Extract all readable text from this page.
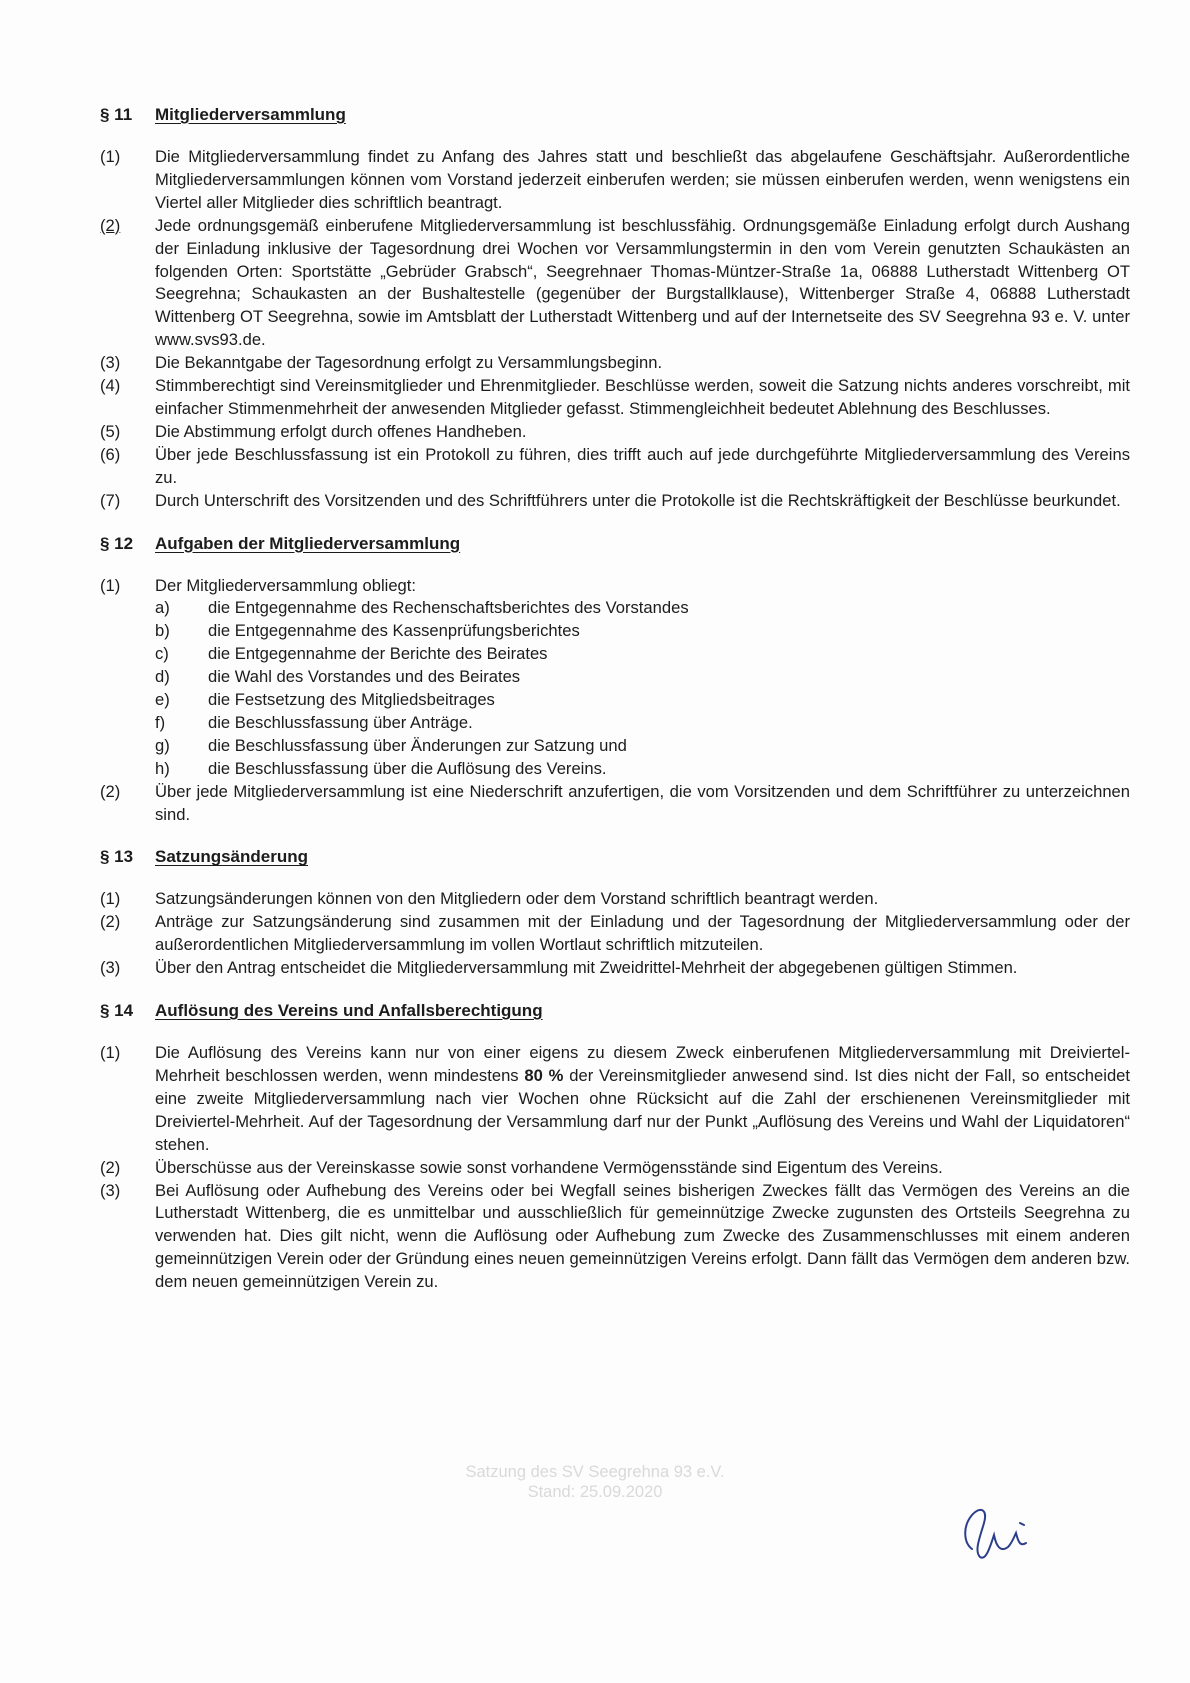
§ 11	Mitgliederversammlung
(1)	Die Mitgliederversammlung findet zu Anfang des Jahres statt und beschließt das abgelaufene Geschäftsjahr. Außerordentliche Mitgliederversammlungen können vom Vorstand jederzeit einberufen werden; sie müssen einberufen werden, wenn wenigstens ein Viertel aller Mitglieder dies schriftlich beantragt.
(2)	Jede ordnungsgemäß einberufene Mitgliederversammlung ist beschlussfähig. Ordnungsgemäße Einladung erfolgt durch Aushang der Einladung inklusive der Tagesordnung drei Wochen vor Versammlungstermin in den vom Verein genutzten Schaukästen an folgenden Orten: Sportstätte „Gebrüder Grabsch“, Seegrehnaer Thomas-Müntzer-Straße 1a, 06888 Lutherstadt Wittenberg OT Seegrehna; Schaukasten an der Bushaltestelle (gegenüber der Burgstallklause), Wittenberger Straße 4, 06888 Lutherstadt Wittenberg OT Seegrehna, sowie im Amtsblatt der Lutherstadt Wittenberg und auf der Internetseite des SV Seegrehna 93 e. V. unter www.svs93.de.
(3)	Die Bekanntgabe der Tagesordnung erfolgt zu Versammlungsbeginn.
(4)	Stimmberechtigt sind Vereinsmitglieder und Ehrenmitglieder. Beschlüsse werden, soweit die Satzung nichts anderes vorschreibt, mit einfacher Stimmenmehrheit der anwesenden Mitglieder gefasst. Stimmengleichheit bedeutet Ablehnung des Beschlusses.
(5)	Die Abstimmung erfolgt durch offenes Handheben.
(6)	Über jede Beschlussfassung ist ein Protokoll zu führen, dies trifft auch auf jede durchgeführte Mitgliederversammlung des Vereins zu.
(7)	Durch Unterschrift des Vorsitzenden und des Schriftführers unter die Protokolle ist die Rechtskräftigkeit der Beschlüsse beurkundet.
§ 12	Aufgaben der Mitgliederversammlung
(1)	Der Mitgliederversammlung obliegt:
a)	die Entgegennahme des Rechenschaftsberichtes des Vorstandes
b)	die Entgegennahme des Kassenprüfungsberichtes
c)	die Entgegennahme der Berichte des Beirates
d)	die Wahl des Vorstandes und des Beirates
e)	die Festsetzung des Mitgliedsbeitrages
f)	die Beschlussfassung über Anträge.
g)	die Beschlussfassung über Änderungen zur Satzung und
h)	die Beschlussfassung über die Auflösung des Vereins.
(2)	Über jede Mitgliederversammlung ist eine Niederschrift anzufertigen, die vom Vorsitzenden und dem Schriftführer zu unterzeichnen sind.
§ 13	Satzungsänderung
(1)	Satzungsänderungen können von den Mitgliedern oder dem Vorstand schriftlich beantragt werden.
(2)	Anträge zur Satzungsänderung sind zusammen mit der Einladung und der Tagesordnung der Mitgliederversammlung oder der außerordentlichen Mitgliederversammlung im vollen Wortlaut schriftlich mitzuteilen.
(3)	Über den Antrag entscheidet die Mitgliederversammlung mit Zweidrittel-Mehrheit der abgegebenen gültigen Stimmen.
§ 14	Auflösung des Vereins und Anfallsberechtigung
(1)	Die Auflösung des Vereins kann nur von einer eigens zu diesem Zweck einberufenen Mitgliederversammlung mit Dreiviertel-Mehrheit beschlossen werden, wenn mindestens 80 % der Vereinsmitglieder anwesend sind. Ist dies nicht der Fall, so entscheidet eine zweite Mitgliederversammlung nach vier Wochen ohne Rücksicht auf die Zahl der erschienenen Vereinsmitglieder mit Dreiviertel-Mehrheit. Auf der Tagesordnung der Versammlung darf nur der Punkt „Auflösung des Vereins und Wahl der Liquidatoren“ stehen.
(2)	Überschüsse aus der Vereinskasse sowie sonst vorhandene Vermögensstände sind Eigentum des Vereins.
(3)	Bei Auflösung oder Aufhebung des Vereins oder bei Wegfall seines bisherigen Zweckes fällt das Vermögen des Vereins an die Lutherstadt Wittenberg, die es unmittelbar und ausschließlich für gemeinnützige Zwecke zugunsten des Ortsteils Seegrehna zu verwenden hat. Dies gilt nicht, wenn die Auflösung oder Aufhebung zum Zwecke des Zusammenschlusses mit einem anderen gemeinnützigen Verein oder der Gründung eines neuen gemeinnützigen Vereins erfolgt. Dann fällt das Vermögen dem anderen bzw. dem neuen gemeinnützigen Verein zu.
Satzung des SV Seegrehna 93 e.V.
Stand: 25.09.2020
